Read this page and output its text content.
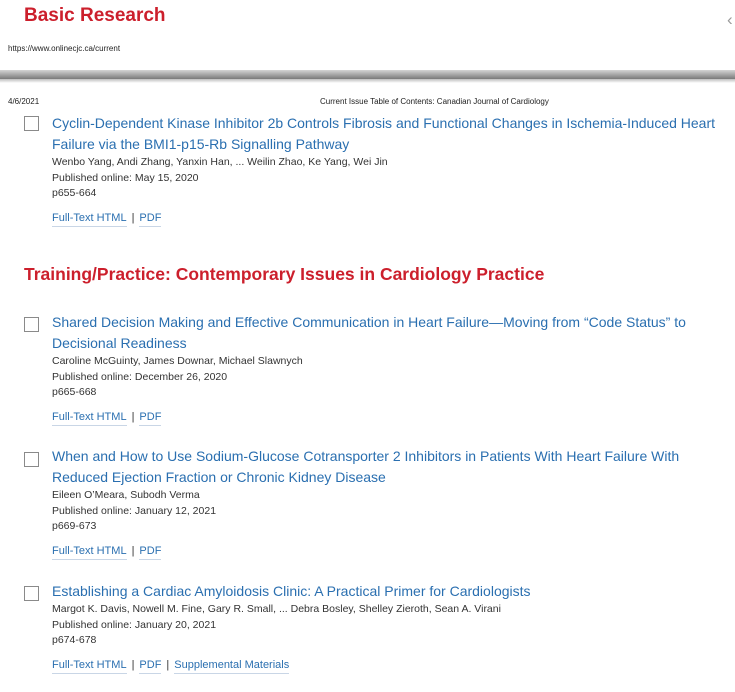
Basic Research	‹
https://www.onlinecjc.ca/current
4/6/2021	Current Issue Table of Contents: Canadian Journal of Cardiology
Cyclin-Dependent Kinase Inhibitor 2b Controls Fibrosis and Functional Changes in Ischemia-Induced Heart Failure via the BMI1-p15-Rb Signalling Pathway
Wenbo Yang, Andi Zhang, Yanxin Han, ... Weilin Zhao, Ke Yang, Wei Jin
Published online: May 15, 2020
p655-664
Full-Text HTML | PDF
Training/Practice: Contemporary Issues in Cardiology Practice
Shared Decision Making and Effective Communication in Heart Failure—Moving from “Code Status” to Decisional Readiness
Caroline McGuinty, James Downar, Michael Slawnych
Published online: December 26, 2020
p665-668
Full-Text HTML | PDF
When and How to Use Sodium-Glucose Cotransporter 2 Inhibitors in Patients With Heart Failure With Reduced Ejection Fraction or Chronic Kidney Disease
Eileen O’Meara, Subodh Verma
Published online: January 12, 2021
p669-673
Full-Text HTML | PDF
Establishing a Cardiac Amyloidosis Clinic: A Practical Primer for Cardiologists
Margot K. Davis, Nowell M. Fine, Gary R. Small, ... Debra Bosley, Shelley Zieroth, Sean A. Virani
Published online: January 20, 2021
p674-678
Full-Text HTML | PDF | Supplemental Materials
